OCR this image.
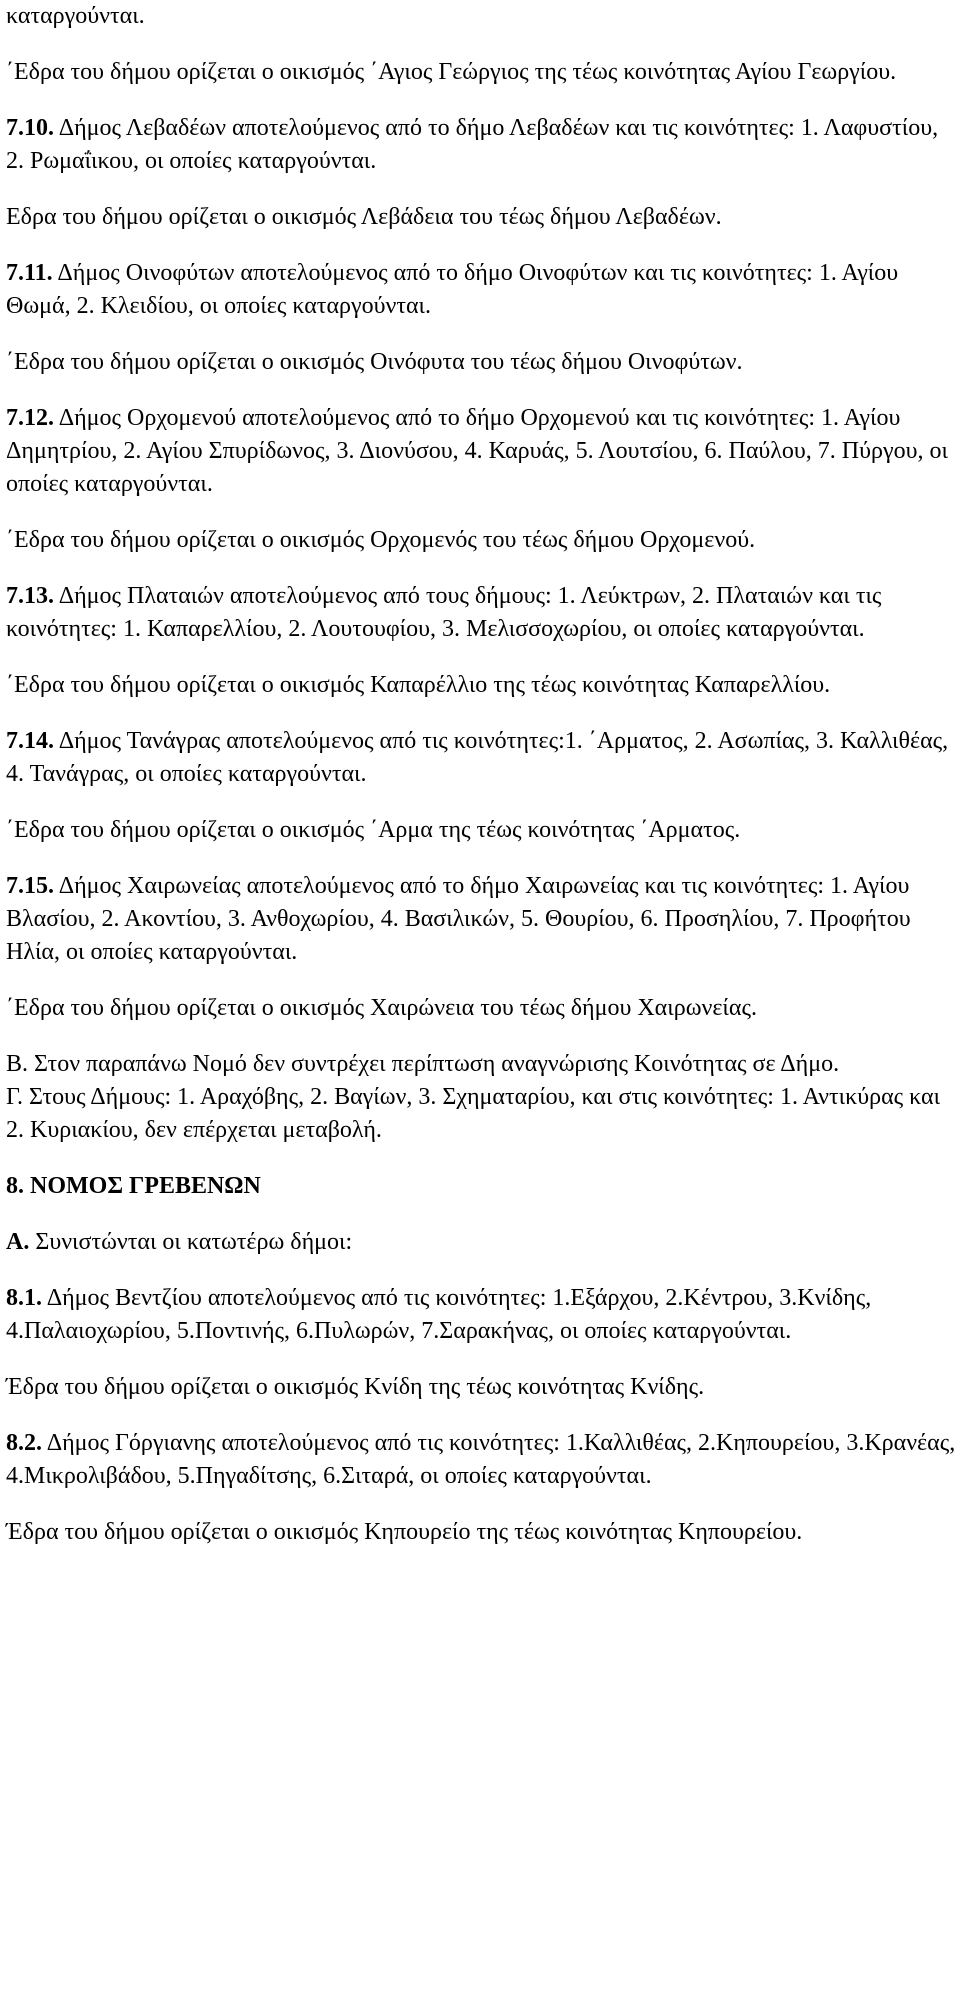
καταργούνται.

΄Εδρα του δήμου ορίζεται ο οικισμός ΄Αγιος Γεώργιος της τέως κοινότητας Αγίου Γεωργίου.

7.10. Δήμος Λεβαδέων αποτελούμενος από το δήμο Λεβαδέων και τις κοινότητες: 1. Λαφυστίου, 2. Ρωμαΐικου, οι οποίες καταργούνται.

Εδρα του δήμου ορίζεται ο οικισμός Λεβάδεια του τέως δήμου Λεβαδέων.

7.11. Δήμος Οινοφύτων αποτελούμενος από το δήμο Οινοφύτων και τις κοινότητες: 1. Αγίου Θωμά, 2. Κλειδίου, οι οποίες καταργούνται.

΄Εδρα του δήμου ορίζεται ο οικισμός Οινόφυτα του τέως δήμου Οινοφύτων.

7.12. Δήμος Ορχομενού αποτελούμενος από το δήμο Ορχομενού και τις κοινότητες: 1. Αγίου Δημητρίου, 2. Αγίου Σπυρίδωνος, 3. Διονύσου, 4. Καρυάς, 5. Λουτσίου, 6. Παύλου, 7. Πύργου, οι οποίες καταργούνται.

΄Εδρα του δήμου ορίζεται ο οικισμός Ορχομενός του τέως δήμου Ορχομενού.

7.13. Δήμος Πλαταιών αποτελούμενος από τους δήμους: 1. Λεύκτρων, 2. Πλαταιών και τις κοινότητες: 1. Καπαρελλίου, 2. Λουτουφίου, 3. Μελισσοχωρίου, οι οποίες καταργούνται.

΄Εδρα του δήμου ορίζεται ο οικισμός Καπαρέλλιο της τέως κοινότητας Καπαρελλίου.

7.14. Δήμος Τανάγρας αποτελούμενος από τις κοινότητες:1. ΄Αρματος, 2. Ασωπίας, 3. Καλλιθέας, 4. Τανάγρας, οι οποίες καταργούνται.

΄Εδρα του δήμου ορίζεται ο οικισμός ΄Αρμα της τέως κοινότητας ΄Αρματος.

7.15. Δήμος Χαιρωνείας αποτελούμενος από το δήμο Χαιρωνείας και τις κοινότητες: 1. Αγίου Βλασίου, 2. Ακοντίου, 3. Ανθοχωρίου, 4. Βασιλικών, 5. Θουρίου, 6. Προσηλίου, 7. Προφήτου Ηλία, οι οποίες καταργούνται.

΄Εδρα του δήμου ορίζεται ο οικισμός Χαιρώνεια του τέως δήμου Χαιρωνείας.

Β. Στον παραπάνω Νομό δεν συντρέχει περίπτωση αναγνώρισης Κοινότητας σε Δήμο.

Γ. Στους Δήμους: 1. Αραχόβης, 2. Βαγίων, 3. Σχηματαρίου, και στις κοινότητες: 1. Αντικύρας και 2. Κυριακίου, δεν επέρχεται μεταβολή.

8. ΝΟΜΟΣ ΓΡΕΒΕΝΩΝ

Α. Συνιστώνται οι κατωτέρω δήμοι:

8.1. Δήμος Βεντζίου αποτελούμενος από τις κοινότητες: 1.Εξάρχου, 2.Κέντρου, 3.Κνίδης, 4.Παλαιοχωρίου, 5.Ποντινής, 6.Πυλωρών, 7.Σαρακήνας, οι οποίες καταργούνται.

Έδρα του δήμου ορίζεται ο οικισμός Κνίδη της τέως κοινότητας Κνίδης.

8.2. Δήμος Γόργιανης αποτελούμενος από τις κοινότητες: 1.Καλλιθέας, 2.Κηπουρείου, 3.Κρανέας, 4.Μικρολιβάδου, 5.Πηγαδίτσης, 6.Σιταρά, οι οποίες καταργούνται.

Έδρα του δήμου ορίζεται ο οικισμός Κηπουρείο της τέως κοινότητας Κηπουρείου.
